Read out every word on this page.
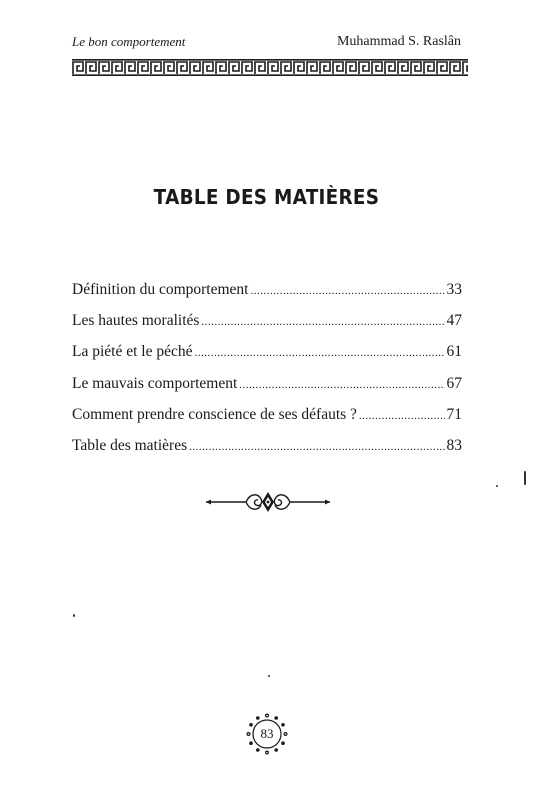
Le bon comportement	Muhammad S. Raslân
TABLE DES MATIÈRES
Définition du comportement .....	33
Les hautes moralités .....	47
La piété et le péché .....	61
Le mauvais comportement .....	67
Comment prendre conscience de ses défauts ? .....	71
Table des matières .....	83
83
